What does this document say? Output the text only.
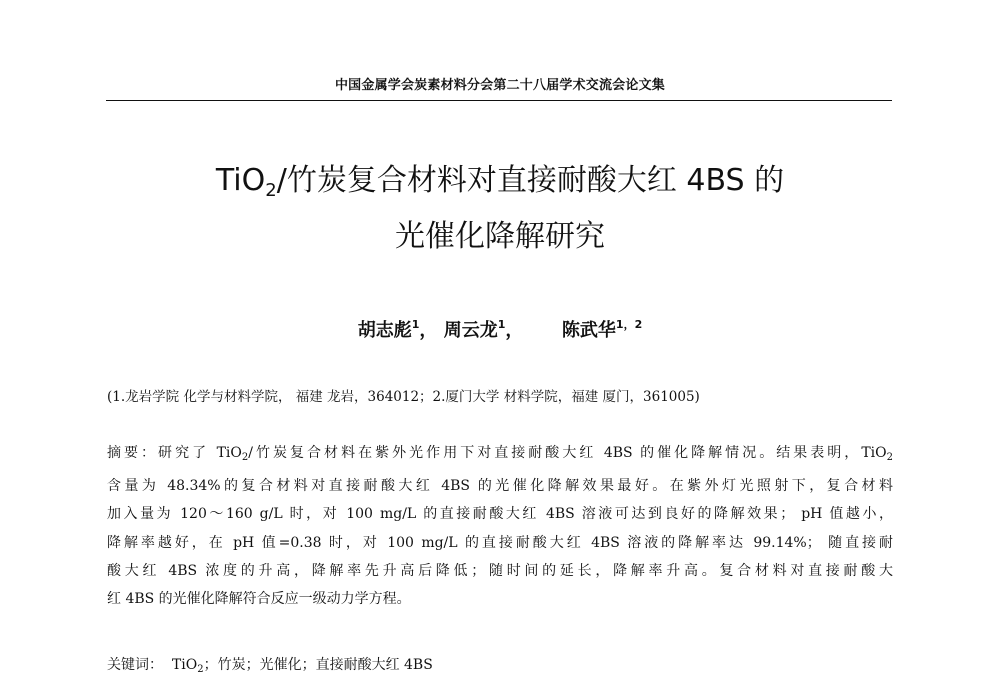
中国金属学会炭素材料分会第二十八届学术交流会论文集
TiO$_2$/竹炭复合材料对直接耐酸大红 4BS 的
光催化降解研究
胡志彪$^1$， 周云龙$^1$， 陈武华$^{1,2}$
(1.龙岩学院 化学与材料学院， 福建 龙岩，364012；2.厦门大学 材料学院，福建 厦门，361005)
摘要：研究了 TiO$_2$/竹炭复合材料在紫外光作用下对直接耐酸大红 4BS 的催化降解情况。结果表明，TiO$_2$
含量为 48.34%的复合材料对直接耐酸大红 4BS 的光催化降解效果最好。在紫外灯光照射下，复合材料
加入量为 120～160 g/L 时，对 100 mg/L 的直接耐酸大红 4BS 溶液可达到良好的降解效果； pH 值越小，
降解率越好，在 pH 值=0.38 时，对 100 mg/L 的直接耐酸大红 4BS 溶液的降解率达 99.14%； 随直接耐
酸大红 4BS 浓度的升高，降解率先升高后降低；随时间的延长，降解率升高。复合材料对直接耐酸大
红 4BS 的光催化降解符合反应一级动力学方程。
关键词： TiO$_2$；竹炭；光催化；直接耐酸大红 4BS
